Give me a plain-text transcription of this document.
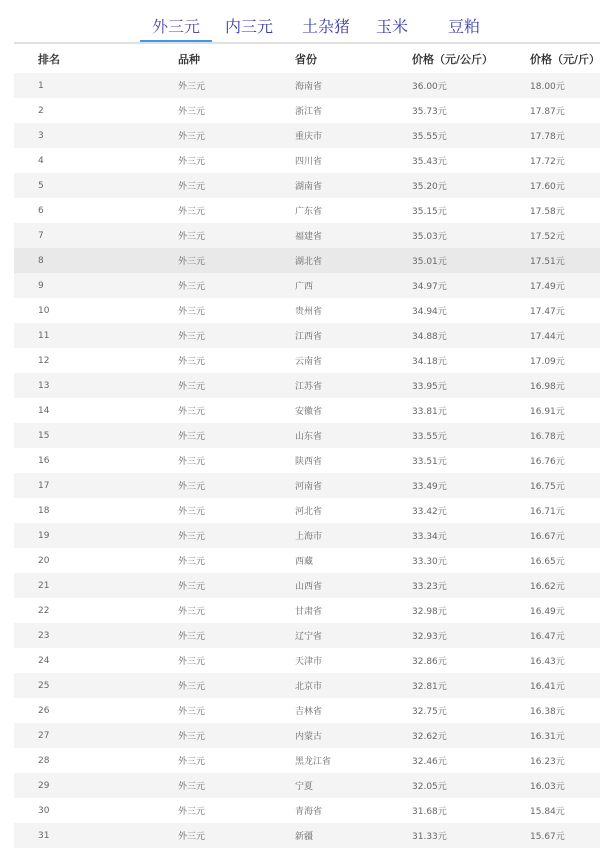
外三元	内三元	土杂猪	玉米	豆粕
排名	品种	省份	价格（元/公斤）	价格（元/斤）
1	外三元	海南省	36.00元	18.00元
2	外三元	浙江省	35.73元	17.87元
3	外三元	重庆市	35.55元	17.78元
4	外三元	四川省	35.43元	17.72元
5	外三元	湖南省	35.20元	17.60元
6	外三元	广东省	35.15元	17.58元
7	外三元	福建省	35.03元	17.52元
8	外三元	湖北省	35.01元	17.51元
9	外三元	广西	34.97元	17.49元
10	外三元	贵州省	34.94元	17.47元
11	外三元	江西省	34.88元	17.44元
12	外三元	云南省	34.18元	17.09元
13	外三元	江苏省	33.95元	16.98元
14	外三元	安徽省	33.81元	16.91元
15	外三元	山东省	33.55元	16.78元
16	外三元	陕西省	33.51元	16.76元
17	外三元	河南省	33.49元	16.75元
18	外三元	河北省	33.42元	16.71元
19	外三元	上海市	33.34元	16.67元
20	外三元	西藏	33.30元	16.65元
21	外三元	山西省	33.23元	16.62元
22	外三元	甘肃省	32.98元	16.49元
23	外三元	辽宁省	32.93元	16.47元
24	外三元	天津市	32.86元	16.43元
25	外三元	北京市	32.81元	16.41元
26	外三元	吉林省	32.75元	16.38元
27	外三元	内蒙古	32.62元	16.31元
28	外三元	黑龙江省	32.46元	16.23元
29	外三元	宁夏	32.05元	16.03元
30	外三元	青海省	31.68元	15.84元
31	外三元	新疆	31.33元	15.67元
